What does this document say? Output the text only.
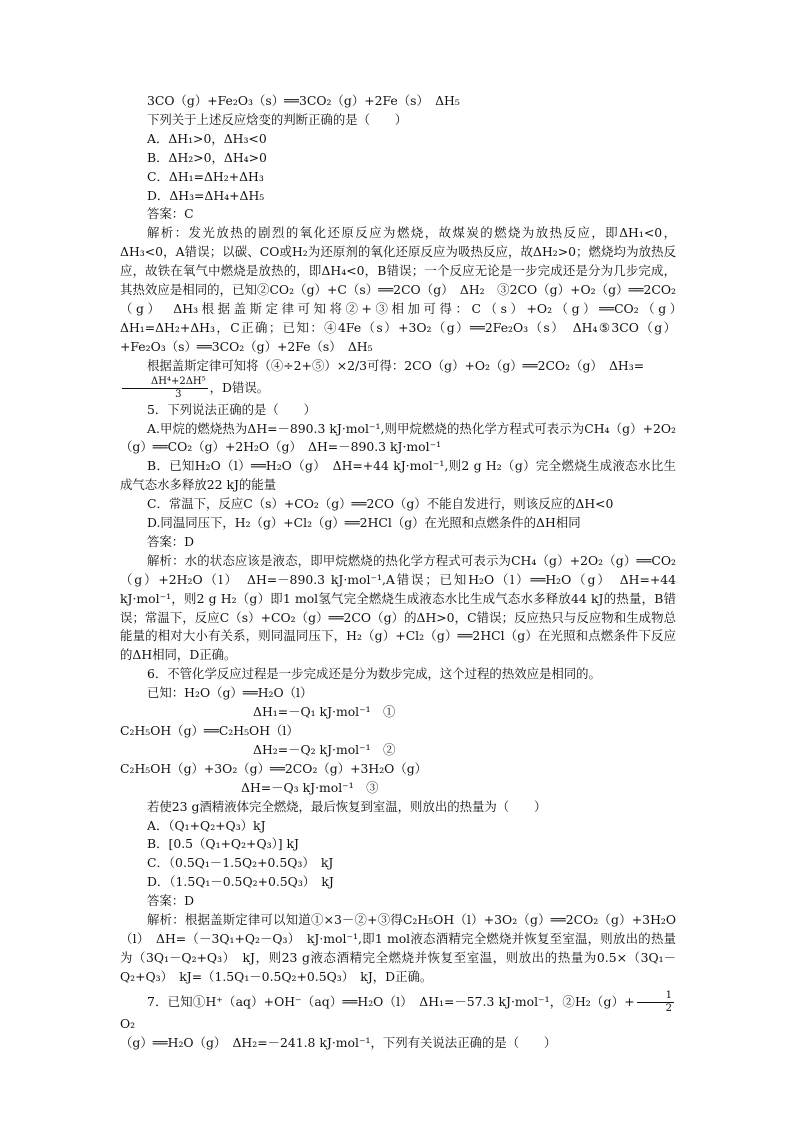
3CO（g）+Fe₂O₃（s）══3CO₂（g）+2Fe（s）　ΔH₅

下列关于上述反应焓变的判断正确的是（　　）

A．ΔH₁>0，ΔH₃<0

B．ΔH₂>0，ΔH₄>0

C．ΔH₁=ΔH₂+ΔH₃

D．ΔH₃=ΔH₄+ΔH₅

答案：C

解析：发光放热的剧烈的氧化还原反应为燃烧，故煤炭的燃烧为放热反应，即ΔH₁<0，ΔH₃<0，A错误；以碳、CO或H₂为还原剂的氧化还原反应为吸热反应，故ΔH₂>0；燃烧均为放热反应，故铁在氧气中燃烧是放热的，即ΔH₄<0，B错误；一个反应无论是一步完成还是分为几步完成，其热效应是相同的，已知②CO₂（g）+C（s）══2CO（g）　ΔH₂　③2CO（g）+O₂（g）══2CO₂（g）　ΔH₃根据盖斯定律可知将②+③相加可得：C（s）+O₂（g）══CO₂（g）　ΔH₁=ΔH₂+ΔH₃，C正确；已知：④4Fe（s）+3O₂（g）══2Fe₂O₃（s）　ΔH₄⑤3CO（g）+Fe₂O₃（s）══3CO₂（g）+2Fe（s）　ΔH₅

根据盖斯定律可知将（④÷2+⑤）×2/3可得：2CO（g）+O₂（g）══2CO₂（g）　ΔH₃=

$\frac{\text{ΔH⁴+2ΔH⁵}}{3}$ ，D错误。

5．下列说法正确的是（　　）

A.甲烷的燃烧热为ΔH=－890.3 kJ·mol⁻¹,则甲烷燃烧的热化学方程式可表示为CH₄（g）+2O₂（g）══CO₂（g）+2H₂O（g）　ΔH=－890.3 kJ·mol⁻¹

B．已知H₂O（l）══H₂O（g）　ΔH=+44 kJ·mol⁻¹,则2 g H₂（g）完全燃烧生成液态水比生成气态水多释放22 kJ的能量

C．常温下，反应C（s）+CO₂（g）══2CO（g）不能自发进行，则该反应的ΔH<0

D.同温同压下，H₂（g）+Cl₂（g）══2HCl（g）在光照和点燃条件的ΔH相同

答案：D

解析：水的状态应该是液态，即甲烷燃烧的热化学方程式可表示为CH₄（g）+2O₂（g）══CO₂（g）+2H₂O（l）　ΔH=－890.3 kJ·mol⁻¹,A错误；已知H₂O（l）══H₂O（g）　ΔH=+44 kJ·mol⁻¹，则2 g H₂（g）即1 mol氢气完全燃烧生成液态水比生成气态水多释放44 kJ的热量，B错误；常温下，反应C（s）+CO₂（g）══2CO（g）的ΔH>0，C错误；反应热只与反应物和生成物总能量的相对大小有关系，则同温同压下，H₂（g）+Cl₂（g）══2HCl（g）在光照和点燃条件下反应的ΔH相同，D正确。

6．不管化学反应过程是一步完成还是分为数步完成，这个过程的热效应是相同的。

已知：H₂O（g）══H₂O（l）

ΔH₁=－Q₁ kJ·mol⁻¹　①

C₂H₅OH（g）══C₂H₅OH（l）

ΔH₂=－Q₂ kJ·mol⁻¹　②

C₂H₅OH（g）+3O₂（g）══2CO₂（g）+3H₂O（g）

ΔH=－Q₃ kJ·mol⁻¹　③

若使23 g酒精液体完全燃烧，最后恢复到室温，则放出的热量为（　　）

A．（Q₁+Q₂+Q₃）kJ

B．[0.5（Q₁+Q₂+Q₃）] kJ

C．（0.5Q₁－1.5Q₂+0.5Q₃）　kJ

D．（1.5Q₁－0.5Q₂+0.5Q₃）　kJ

答案：D

解析：根据盖斯定律可以知道①×3－②+③得C₂H₅OH（l）+3O₂（g）══2CO₂（g）+3H₂O（l）　ΔH=（－3Q₁+Q₂－Q₃）　kJ·mol⁻¹,即1 mol液态酒精完全燃烧并恢复至室温，则放出的热量为（3Q₁－Q₂+Q₃）　kJ，则23 g液态酒精完全燃烧并恢复至室温，则放出的热量为0.5×（3Q₁－Q₂+Q₃）　kJ=（1.5Q₁－0.5Q₂+0.5Q₃）　kJ，D正确。

7．已知①H⁺（aq）+OH⁻（aq）══H₂O（l）　ΔH₁=－57.3 kJ·mol⁻¹，②H₂（g）+ $\frac{1}{2}$
O₂
（g）══H₂O（g）　ΔH₂=－241.8 kJ·mol⁻¹，下列有关说法正确的是（　　）
